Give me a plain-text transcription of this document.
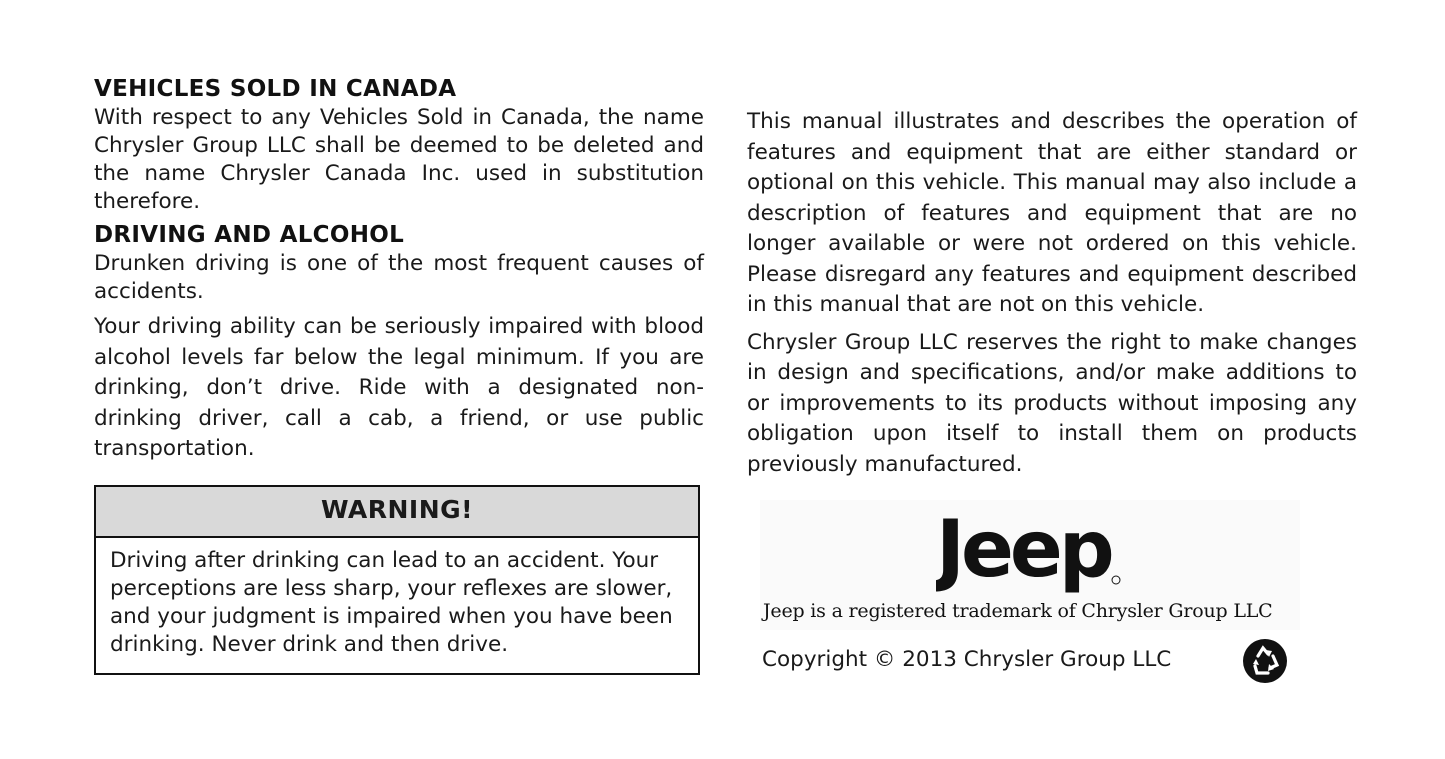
VEHICLES SOLD IN CANADA

With respect to any Vehicles Sold in Canada, the name Chrysler Group LLC shall be deemed to be deleted and the name Chrysler Canada Inc. used in substitution therefore.

DRIVING AND ALCOHOL

Drunken driving is one of the most frequent causes of accidents.

Your driving ability can be seriously impaired with blood alcohol levels far below the legal minimum. If you are drinking, don’t drive. Ride with a designated non-drinking driver, call a cab, a friend, or use public transportation.

WARNING!
Driving after drinking can lead to an accident. Your perceptions are less sharp, your reflexes are slower, and your judgment is impaired when you have been drinking. Never drink and then drive.

This manual illustrates and describes the operation of features and equipment that are either standard or optional on this vehicle. This manual may also include a description of features and equipment that are no longer available or were not ordered on this vehicle. Please disregard any features and equipment described in this manual that are not on this vehicle.

Chrysler Group LLC reserves the right to make changes in design and specifications, and/or make additions to or improvements to its products without imposing any obligation upon itself to install them on products previously manufactured.

Jeep
Jeep is a registered trademark of Chrysler Group LLC
Copyright © 2013 Chrysler Group LLC
